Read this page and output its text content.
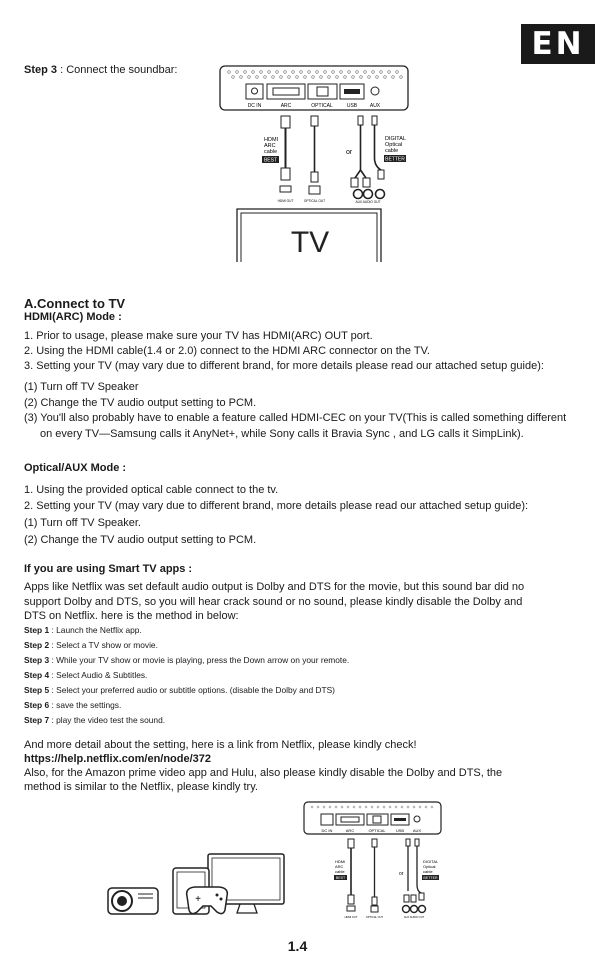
EN
Step 3 : Connect the soundbar:
DC IN	ARC	OPTICAL	USB	AUX
HDMI
ARC
cable
BEST
or
DIGITAL
Optical
cable
BETTER
HDMI OUT	OPTICAL OUT	AUX AUDIO OUT
TV
A.Connect to TV
HDMI(ARC) Mode :
1. Prior to usage, please make sure your TV has HDMI(ARC) OUT port.
2. Using the HDMI cable(1.4 or 2.0) connect to the HDMI ARC connector on the TV.
3. Setting your TV (may vary due to different brand, for more details please read our attached setup guide):
(1) Turn off TV Speaker
(2) Change the TV audio output setting to PCM.
(3) You'll also probably have to enable a feature called HDMI-CEC on your TV(This is called something different
on every TV—Samsung calls it AnyNet+, while Sony calls it Bravia Sync , and LG calls it SimpLink).
Optical/AUX Mode :
1. Using the provided optical cable connect to the tv.
2. Setting your TV (may vary due to different brand, more details please read our attached setup guide):
(1) Turn off TV Speaker.
(2) Change the TV audio output setting to PCM.
If you are using Smart TV apps :
Apps like Netflix was set default audio output is Dolby and DTS for the movie, but this sound bar did no
support Dolby and DTS, so you will hear crack sound or no sound, please kindly disable the Dolby and
DTS on Netflix. here is the method in below:
Step 1 : Launch the Netflix app.
Step 2 : Select a TV show or movie.
Step 3 : While your TV show or movie is playing, press the Down arrow on your remote.
Step 4 : Select Audio & Subtitles.
Step 5 : Select your preferred audio or subtitle options. (disable the Dolby and DTS)
Step 6 : save the settings.
Step 7 : play the video test the sound.
And more detail about the setting, here is a link from Netflix, please kindly check!
https://help.netflix.com/en/node/372
Also, for the Amazon prime video app and Hulu, also please kindly disable the Dolby and DTS, the
method is similar to the Netflix, please kindly try.
+
DC IN	ARC	OPTICAL	USB AUX
HDMI
ARC
cable
BEST
or
DIGITAL
Optical
cable
BETTER
HDMI OUT	OPTICAL OUT	AUX AUDIO OUT
1.4
